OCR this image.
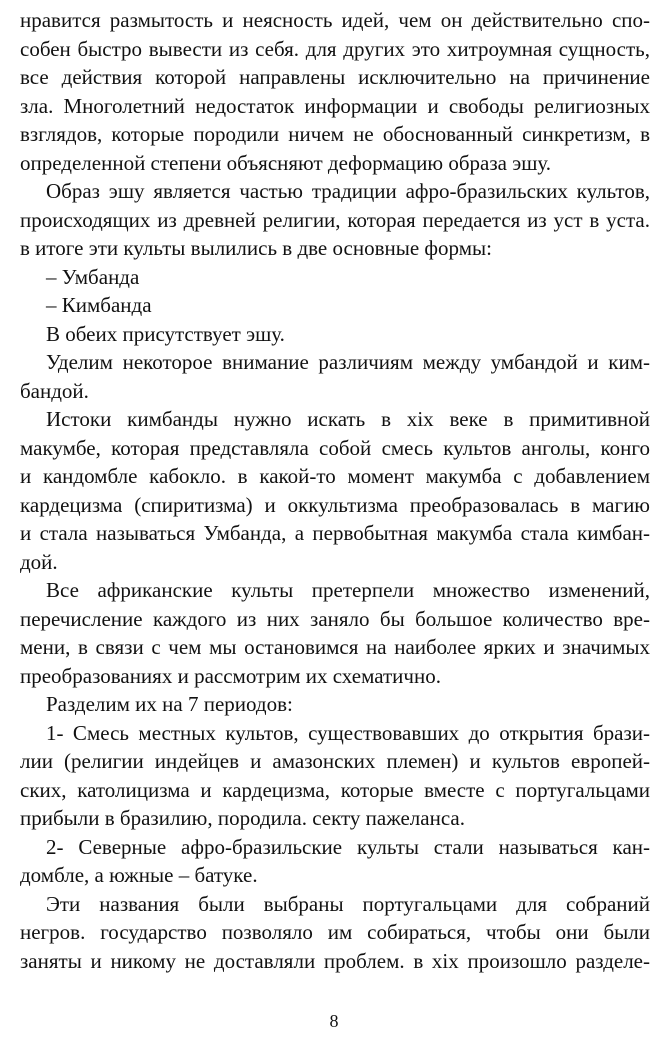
нравится размытость и неясность идей, чем он действительно спо-
собен быстро вывести из себя. для других это хитроумная сущность,
все действия которой направлены исключительно на причинение
зла. Многолетний недостаток информации и свободы религиозных
взглядов, которые породили ничем не обоснованный синкретизм, в
определенной степени объясняют деформацию образа эшу.

Образ эшу является частью традиции афро-бразильских культов,
происходящих из древней религии, которая передается из уст в уста.
в итоге эти культы вылились в две основные формы:

– Умбанда

– Кимбанда

В обеих присутствует эшу.

Уделим некоторое внимание различиям между умбандой и ким-
бандой.

Истоки кимбанды нужно искать в xix веке в примитивной
макумбе, которая представляла собой смесь культов анголы, конго
и кандомбле кабокло. в какой-то момент макумба с добавлением
кардецизма (спиритизма) и оккультизма преобразовалась в магию
и стала называться Умбанда, а первобытная макумба стала кимбан-
дой.

Все африканские культы претерпели множество изменений,
перечисление каждого из них заняло бы большое количество вре-
мени, в связи с чем мы остановимся на наиболее ярких и значимых
преобразованиях и рассмотрим их схематично.

Разделим их на 7 периодов:

1- Смесь местных культов, существовавших до открытия брази-
лии (религии индейцев и амазонских племен) и культов европей-
ских, католицизма и кардецизма, которые вместе с португальцами
прибыли в бразилию, породила. секту пажеланса.

2- Северные афро-бразильские культы стали называться кан-
домбле, а южные – батуке.

Эти названия были выбраны португальцами для собраний
негров. государство позволяло им собираться, чтобы они были
заняты и никому не доставляли проблем. в xix произошло разделе-

8
